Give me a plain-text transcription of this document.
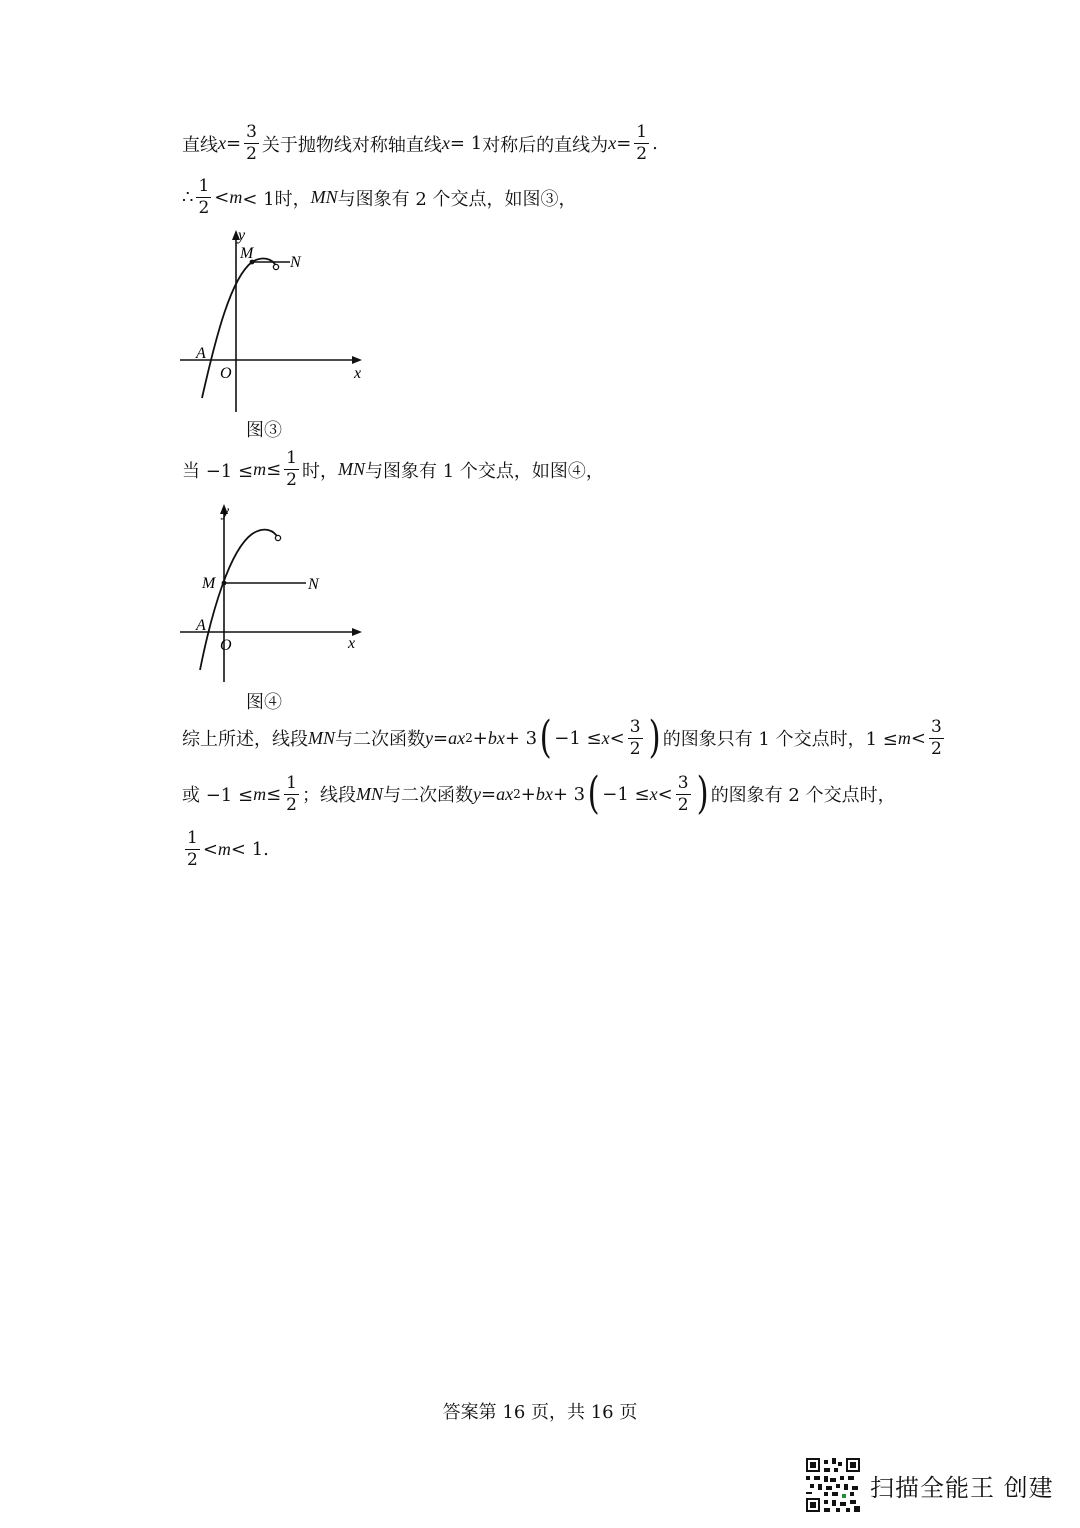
直线 $x = \frac{3}{2}$ 关于抛物线对称轴直线 x = 1 对称后的直线为 $x = \frac{1}{2}$ .
∴ $\frac{1}{2} < m < 1$时， MN 与图象有 2 个交点，如图③，
y
x
O
A
M
N
图③
当 $-1 \le m \le \frac{1}{2}$ 时， MN 与图象有 1 个交点，如图④，
y
x
O
A
M	N
图④
综上所述，线段 MN 与二次函数 y = ax 2 + bx + 3 ( $-1 \le x < \frac{3}{2}$ ) 的图象只有 1 个交点时，$1 \le m < \frac{3}{2}$
或 $-1 \le m \le \frac{1}{2}$ ；线段 MN 与二次函数 y = ax 2 + bx + 3 ( $-1 \le x < \frac{3}{2}$ ) 的图象有 2 个交点时，
$\frac{1}{2} < m < 1$.
答案第 16 页，共 16 页
扫描全能王 创建
